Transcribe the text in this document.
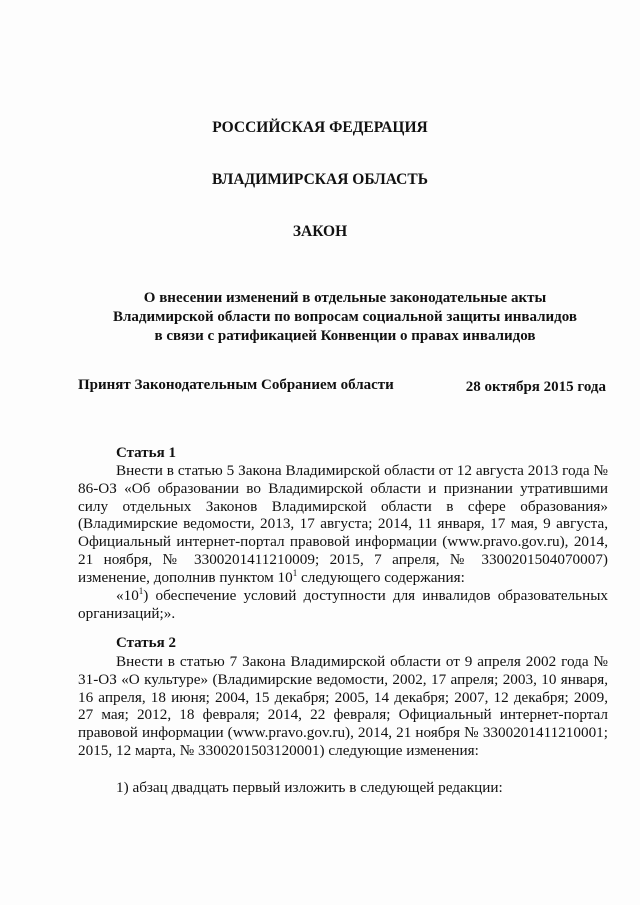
РОССИЙСКАЯ ФЕДЕРАЦИЯ
ВЛАДИМИРСКАЯ ОБЛАСТЬ
ЗАКОН
О внесении изменений в отдельные законодательные акты
Владимирской области по вопросам социальной защиты инвалидов
в связи с ратификацией Конвенции о правах инвалидов
Принят Законодательным Собранием области	28 октября 2015 года
Статья 1
Внести в статью 5 Закона Владимирской области от 12 августа 2013 года № 86-ОЗ «Об образовании во Владимирской области и признании утратившими силу отдельных Законов Владимирской области в сфере образования» (Владимирские ведомости, 2013, 17 августа; 2014, 11 января, 17 мая, 9 августа, Официальный интернет-портал правовой информации (www.pravo.gov.ru), 2014, 21 ноября, № 3300201411210009; 2015, 7 апреля, № 3300201504070007) изменение, дополнив пунктом $10^1$ следующего содержания:
«$10^1$) обеспечение условий доступности для инвалидов образовательных организаций;».
Статья 2
Внести в статью 7 Закона Владимирской области от 9 апреля 2002 года № 31-ОЗ «О культуре» (Владимирские ведомости, 2002, 17 апреля; 2003, 10 января, 16 апреля, 18 июня; 2004, 15 декабря; 2005, 14 декабря; 2007, 12 декабря; 2009, 27 мая; 2012, 18 февраля; 2014, 22 февраля; Официальный интернет-портал правовой информации (www.pravo.gov.ru), 2014, 21 ноября № 3300201411210001; 2015, 12 марта, № 3300201503120001) следующие изменения:
1) абзац двадцать первый изложить в следующей редакции:
